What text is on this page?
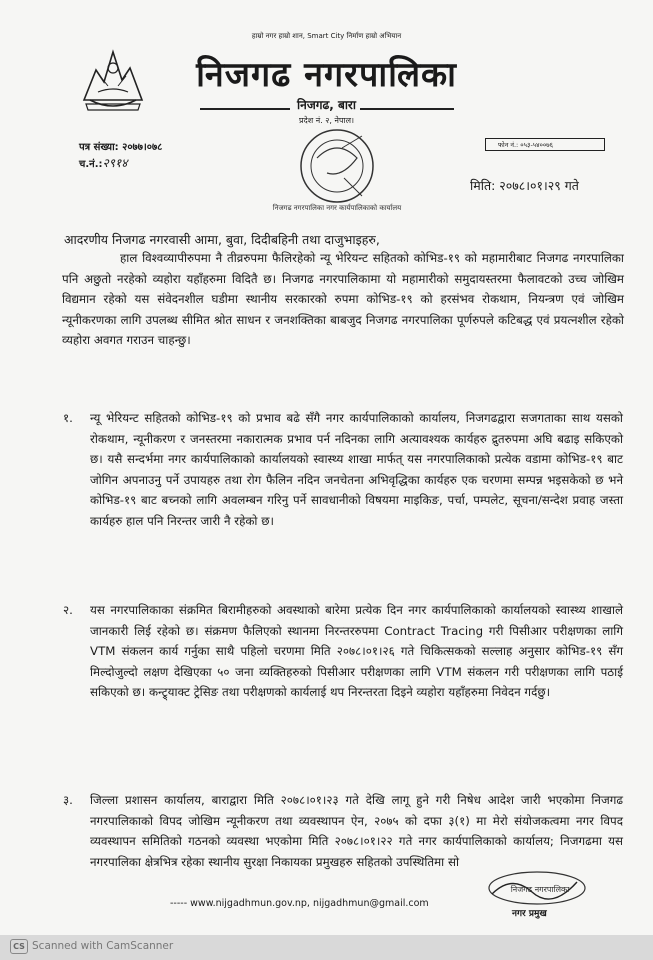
हाम्रो नगर हाम्रो शान, Smart City निर्माण हाम्रो अभियान
निजगढ नगरपालिका
निजगढ, बारा
प्रदेश नं. २, नेपाल।
पत्र संख्या: २०७७।०७८
च.नं.:२९१४
फोन नं.: ०५३-५४००७६
निजगढ नगरपालिका नगर कार्यपालिकाको कार्यालय
मिति: २०७८।०१।२९ गते
आदरणीय निजगढ नगरवासी आमा, बुवा, दिदीबहिनी तथा दाजुभाइहरु,
हाल विश्वव्यापीरुपमा नै तीव्ररुपमा फैलिरहेको न्यू भेरियन्ट सहितको कोभिड-१९ को महामारीबाट निजगढ नगरपालिका पनि अछुतो नरहेको व्यहोरा यहाँहरुमा विदितै छ। निजगढ नगरपालिकामा यो महामारीको समुदायस्तरमा फैलावटको उच्च जोखिम विद्यमान रहेको यस संवेदनशील घडीमा स्थानीय सरकारको रुपमा कोभिड-१९ को हरसंभव रोकथाम, नियन्त्रण एवं जोखिम न्यूनीकरणका लागि उपलब्ध सीमित श्रोत साधन र जनशक्तिका बाबजुद निजगढ नगरपालिका पूर्णरुपले कटिबद्ध एवं प्रयत्नशील रहेको व्यहोरा अवगत गराउन चाहन्छु।
१.	न्यू भेरियन्ट सहितको कोभिड-१९ को प्रभाव बढे सँगै नगर कार्यपालिकाको कार्यालय, निजगढद्वारा सजगताका साथ यसको रोकथाम, न्यूनीकरण र जनस्तरमा नकारात्मक प्रभाव पर्न नदिनका लागि अत्यावश्यक कार्यहरु द्रुतरुपमा अघि बढाइ सकिएको छ। यसै सन्दर्भमा नगर कार्यपालिकाको कार्यालयको स्वास्थ्य शाखा मार्फत् यस नगरपालिकाको प्रत्येक वडामा कोभिड-१९ बाट जोगिन अपनाउनु पर्ने उपायहरु तथा रोग फैलिन नदिन जनचेतना अभिवृद्धिका कार्यहरु एक चरणमा सम्पन्न भइसकेको छ भने कोभिड-१९ बाट बच्नको लागि अवलम्बन गरिनु पर्ने सावधानीको विषयमा माइकिङ, पर्चा, पम्पलेट, सूचना/सन्देश प्रवाह जस्ता कार्यहरु हाल पनि निरन्तर जारी नै रहेको छ।
२.	यस नगरपालिकाका संक्रमित बिरामीहरुको अवस्थाको बारेमा प्रत्येक दिन नगर कार्यपालिकाको कार्यालयको स्वास्थ्य शाखाले जानकारी लिई रहेको छ। संक्रमण फैलिएको स्थानमा निरन्तररुपमा Contract Tracing गरी पिसीआर परीक्षणका लागि VTM संकलन कार्य गर्नुका साथै पहिलो चरणमा मिति २०७८।०१।२६ गते चिकित्सकको सल्लाह अनुसार कोभिड-१९ सँग मिल्दोजुल्दो लक्षण देखिएका ५० जना व्यक्तिहरुको पिसीआर परीक्षणका लागि VTM संकलन गरी परीक्षणका लागि पठाई सकिएको छ। कन्ट्र्याक्ट ट्रेसिङ तथा परीक्षणको कार्यलाई थप निरन्तरता दिइने व्यहोरा यहाँहरुमा निवेदन गर्दछु।
३.	जिल्ला प्रशासन कार्यालय, बाराद्वारा मिति २०७८।०१।२३ गते देखि लागू हुने गरी निषेध आदेश जारी भएकोमा निजगढ नगरपालिकाको विपद जोखिम न्यूनीकरण तथा व्यवस्थापन ऐन, २०७५ को दफा ३(१) मा मेरो संयोजकत्वमा नगर विपद व्यवस्थापन समितिको गठनको व्यवस्था भएकोमा मिति २०७८।०१।२२ गते नगर कार्यपालिकाको कार्यालय; निजगढमा यस नगरपालिका क्षेत्रभित्र रहेका स्थानीय सुरक्षा निकायका प्रमुखहरु सहितको उपस्थितिमा सो
निजगढ नगरपालिका
नगर प्रमुख
----- www.nijgadhmun.gov.np, nijgadhmun@gmail.com
CS Scanned with CamScanner
